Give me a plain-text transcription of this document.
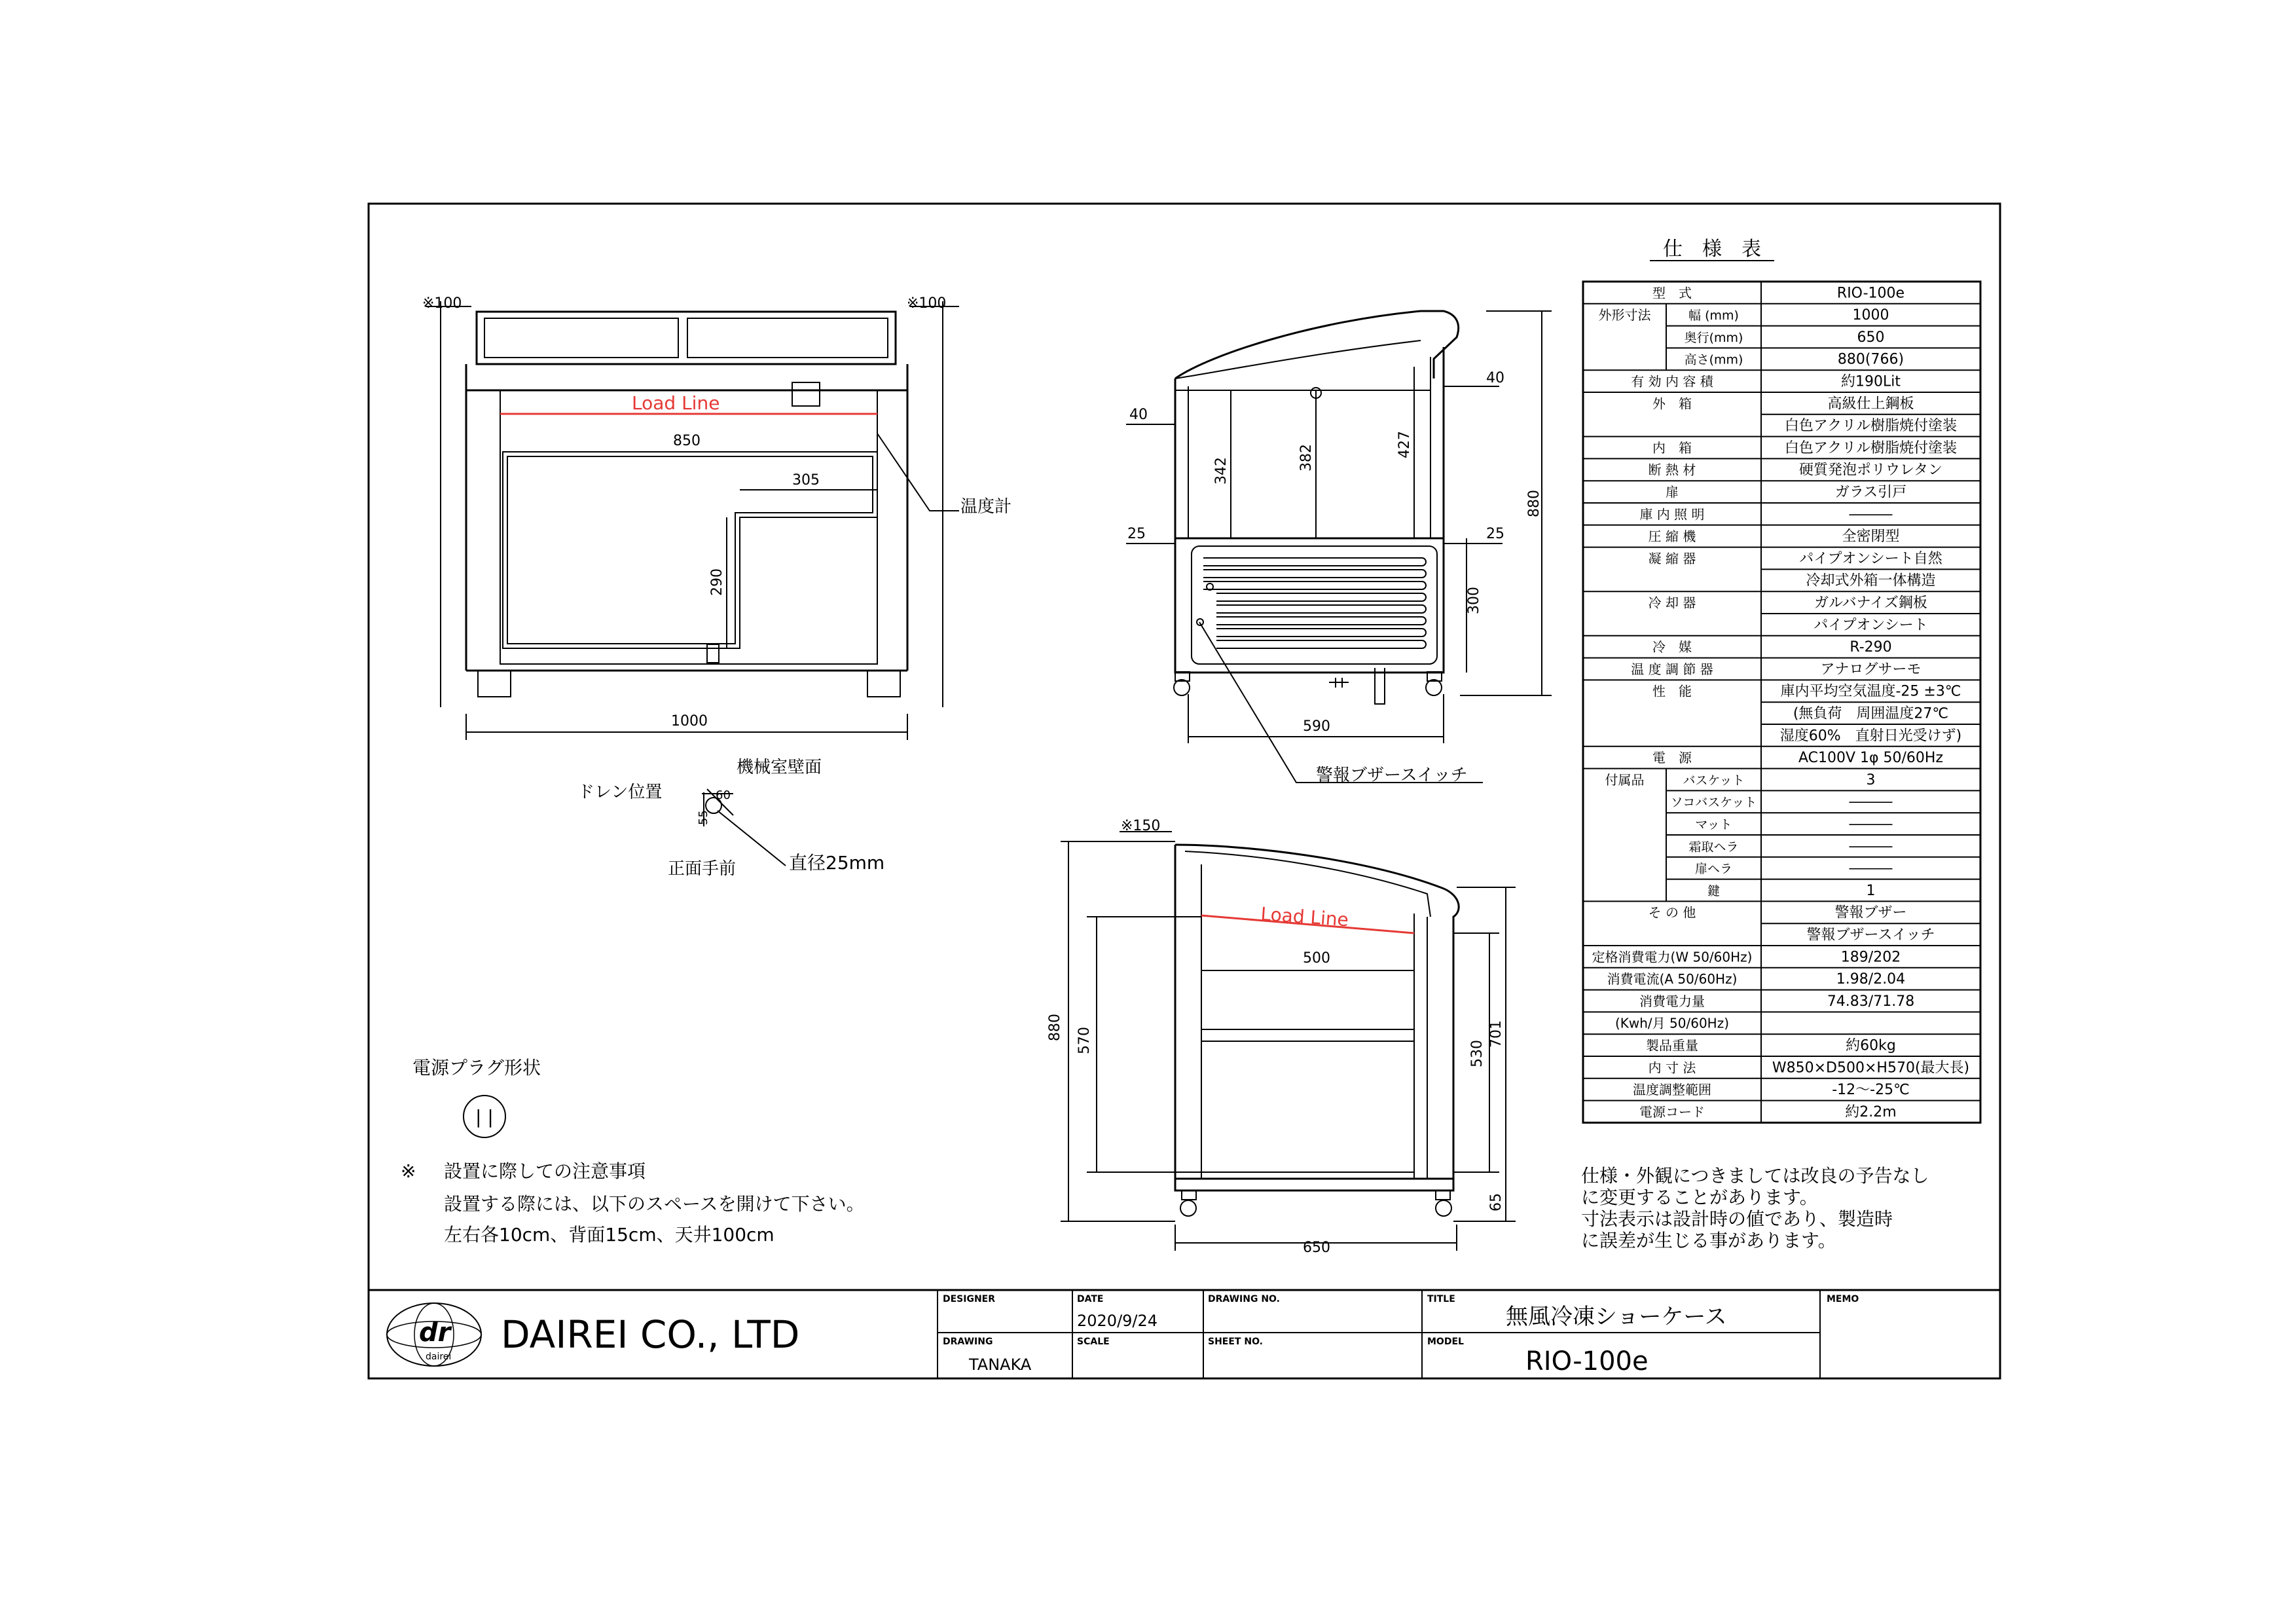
※100	※100
Load Line
850
305
290
1000
温度計
機械室壁面
ドレン位置	60
55
正面手前	直径25mm
342	382	427
40
40
25	25
300
880
590
警報ブザースイッチ
※150
Load Line
500
880 570	530
701
65
650
電源プラグ形状
| |
※ 設置に際しての注意事項
設置する際には、以下のスペースを開けて下さい。
左右各10cm、背面15cm、天井100cm
仕　様　表
型　式	RIO-100e
外形寸法	幅 (mm)	1000
奥行(mm)	650
高さ(mm)	880(766)
有 効 内 容 積	約190Lit
外　箱	高級仕上鋼板
白色アクリル樹脂焼付塗装
内　箱	白色アクリル樹脂焼付塗装
断 熱 材	硬質発泡ポリウレタン
扉	ガラス引戸
庫 内 照 明	―――
圧 縮 機	全密閉型
凝 縮 器	パイプオンシート自然
冷却式外箱一体構造
冷 却 器	ガルバナイズ鋼板
パイプオンシート
冷　媒	R-290
温 度 調 節 器	アナログサーモ
性　能	庫内平均空気温度-25 ±3℃
(無負荷　周囲温度27℃
湿度60%　直射日光受けず)
電　源	AC100V 1φ 50/60Hz
付属品	バスケット	3
ソコバスケット	―――
マット	―――
霜取ヘラ	―――
扉ヘラ	―――
鍵	1
そ の 他	警報ブザー
警報ブザースイッチ
定格消費電力(W 50/60Hz)	189/202
消費電流(A 50/60Hz)	1.98/2.04
消費電力量	74.83/71.78
(Kwh/月 50/60Hz)
製品重量	約60kg
内 寸 法	W850×D500×H570(最大長)
温度調整範囲	-12～-25℃
電源コード	約2.2m
仕様・外観につきましては改良の予告なし
に変更することがあります。
寸法表示は設計時の値であり、製造時
に誤差が生じる事があります。
dr
dairei DAIREI CO., LTD
DESIGNER	DATE
2020/9/24
DRAWING NO.	TITLE
無風冷凍ショーケース
MEMO
DRAWING
TANAKA
SCALE	SHEET NO.	MODEL
RIO-100e
